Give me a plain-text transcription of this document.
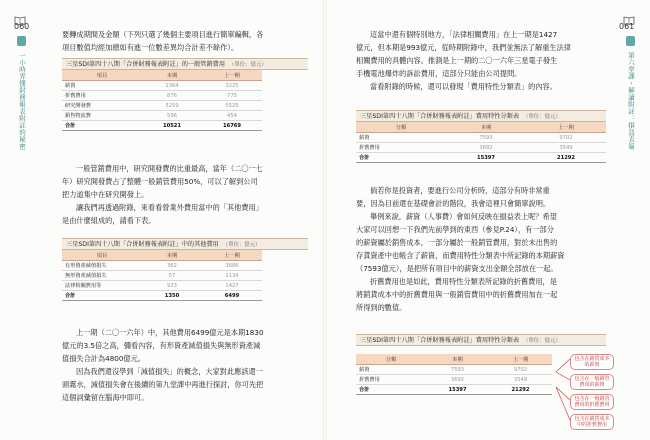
060
一小時弄懂財務報表附註的秘密
要轉成期間及金額（下列只選了幾個主要項目進行簡單編輯，各
項目數值均經加總如有進一位數差異均合計差不餘作）。
三星SDI第四十八期「合併財務報表附註」的一般管銷費用 （單位：億元）
項目	本期	上一期
薪資	1364	3225
折舊費用	876	775
研究開發費	5259	5525
銷售物流費	596	454
合計	10521	16769
一般管銷費用中，研究開發費的比重最高，當年（二〇一七
年）研究開發費占了整體一般銷管費用50%，可以了解到公司
把力道集中在研究開發上。
讓我們再透過附錄，來看看營業外費用當中的「其他費用」
是由什麼組成的，請看下表。
三星SDI第四十八期「合併財務報表附註」中的其他費用 （單位：億元）
項目	本期	上一期
有形資產減值損失	362	3686
無形資產減值損失	57	1134
法律相關費用等	933	1427
合計	1350	6499
上一期（二〇一六年）中，其他費用6499億元是本期1830
億元的3.5倍之高，彌看內容，有形資產減值損失與無形資產減
值損失合計為4800億元。
因為我們還沒學到「減值損失」的概念，大家對此應該還一
頭霧水，減值損失會在後續的第九堂課中再進行探討，你可先把
這個詞彙留在腦海中即可。
061
第六堂課・解讀附註：損益表篇
這當中還有個特別地方，「法律相關費用」在上一期是1427
億元，但本期是993億元，從時期附錄中，我們並無法了解重生法律
相關費用的具體內容。推測是上一期的二〇一六年三星電子發生
手機電池爆炸的訴訟費用，這部分只能由公司提問。
當看附錄的時候，還可以發現「費用特性分類表」的內容。
三星SDI第四十八期「合併財務報表附註」費用特性分類表 （單位：億元）
分類	本期	上一期
薪資	7593	9702
折舊費用	3692	3549
合計	15397	21292
倘若你是投資者，要進行公司分析時，這部分有時非常重
要，因為目前還在基礎會計的階段，我會這裡只會簡單說明。
舉例來說，薪資（人事費）會如何反映在損益表上呢？希望
大家可以回想一下我們先前學到的東西（參見P.24），有一部分
的薪資屬於銷售成本，一部分屬於一般銷管費用，對於未出售的
存貨資產中也帳含了薪資，而費用特性分類表中所記錄的本期薪資
（7593億元），是把所有項目中的薪資支出金額全部放在一起。
折舊費用也是如此，費用特性分類表所記錄的折舊費用，是
將銷貨成本中的折舊費用與一般銷管費用中的折舊費用加在一起
所得到的數值。
三星SDI第四十八期「合併財務報表附註」費用特性分類表 （單位：億元）
分類	本期	上一期
薪資	7593	9702
折舊費用	3692	3549
合計	15397	21292
包含在銷貨成本的薪資
包含在一般銷管費用的薪資
包含在一般銷管費用的折舊費用
包含在銷貨成本中的折舊費用
